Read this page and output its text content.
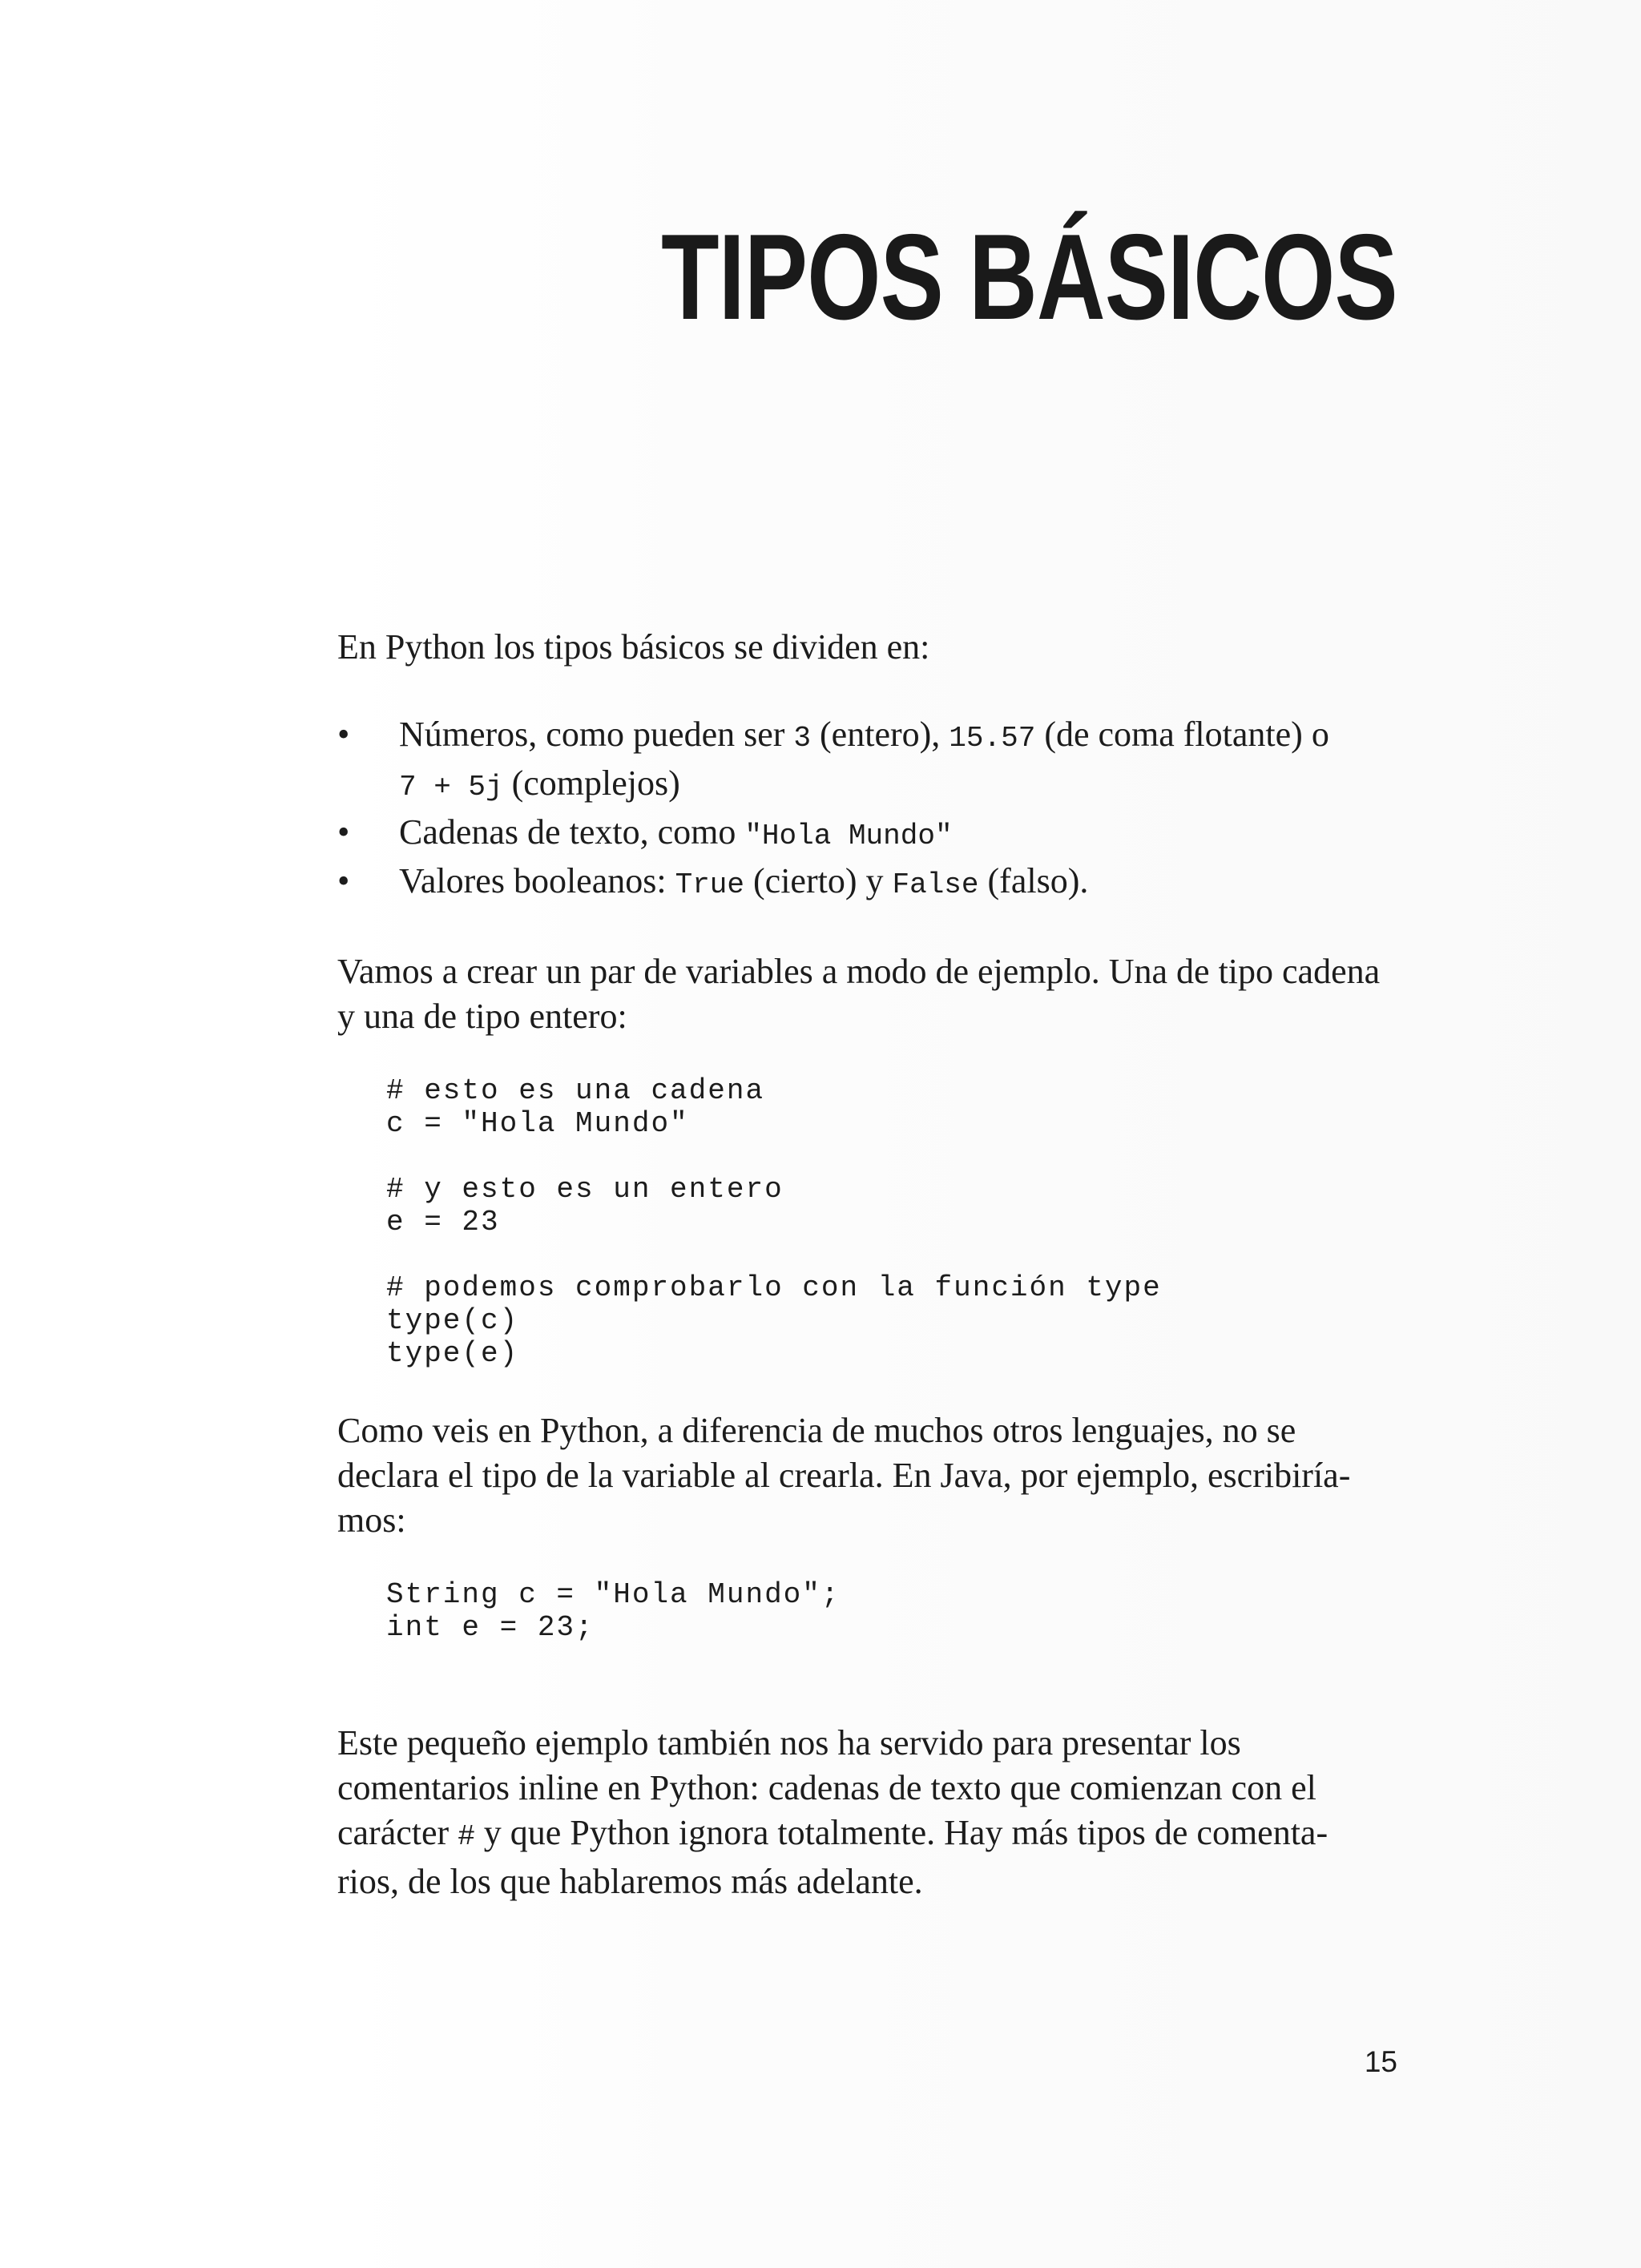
TIPOS BÁSICOS

En Python los tipos básicos se dividen en:

• Números, como pueden ser 3 (entero), 15.57 (de coma flotante) o
7 + 5j (complejos)
• Cadenas de texto, como "Hola Mundo"
• Valores booleanos: True (cierto) y False (falso).

Vamos a crear un par de variables a modo de ejemplo. Una de tipo cadena y una de tipo entero:

# esto es una cadena
c = "Hola Mundo"

# y esto es un entero
e = 23

# podemos comprobarlo con la función type
type(c)
type(e)

Como veis en Python, a diferencia de muchos otros lenguajes, no se declara el tipo de la variable al crearla. En Java, por ejemplo, escribiría-
mos:

String c = "Hola Mundo";
int e = 23;

Este pequeño ejemplo también nos ha servido para presentar los comentarios inline en Python: cadenas de texto que comienzan con el carácter # y que Python ignora totalmente. Hay más tipos de comenta-
rios, de los que hablaremos más adelante.

15
